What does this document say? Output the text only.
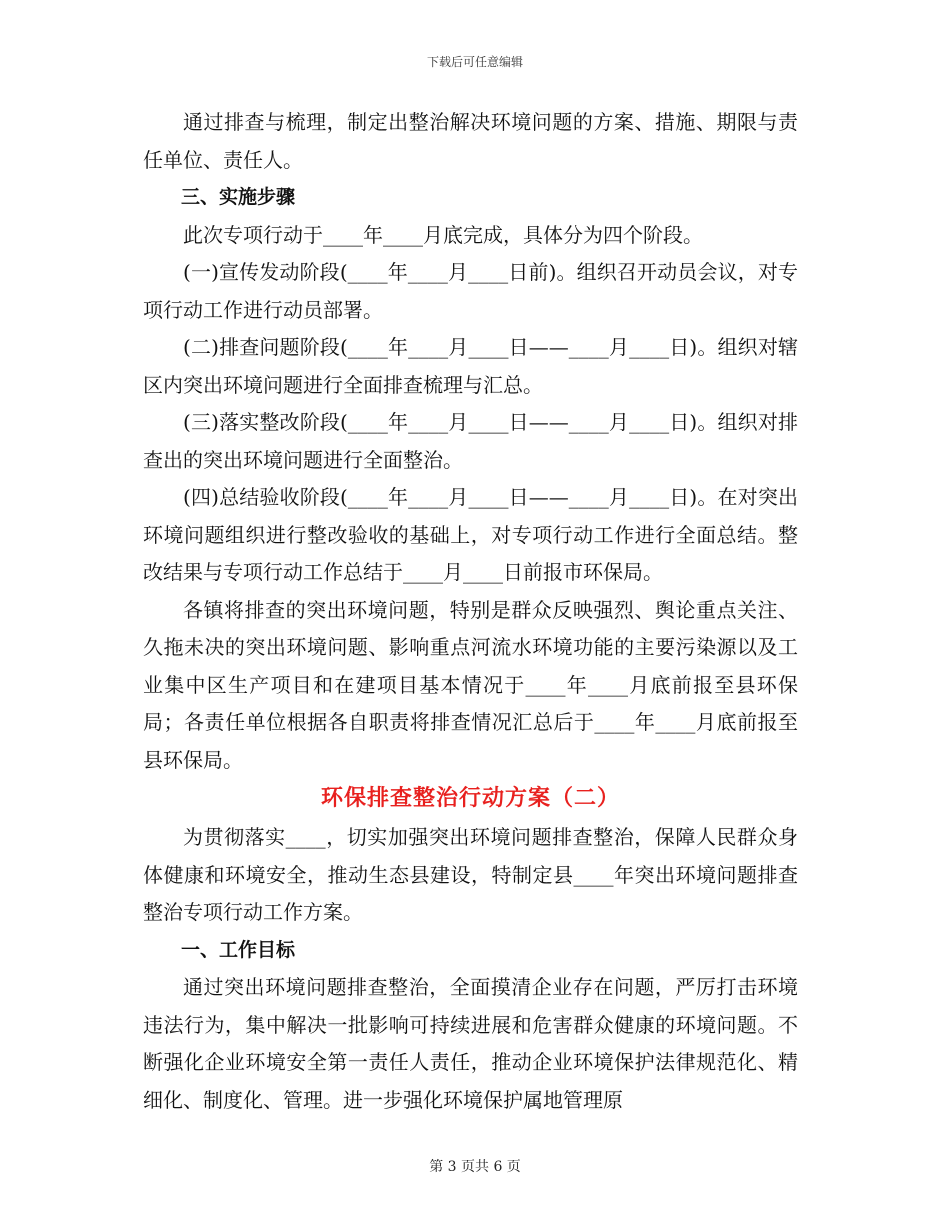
下载后可任意编辑

通过排查与梳理，制定出整治解决环境问题的方案、措施、期限与责任单位、责任人。

三、实施步骤

此次专项行动于____年____月底完成，具体分为四个阶段。

(一)宣传发动阶段(____年____月____日前)。组织召开动员会议，对专项行动工作进行动员部署。

(二)排查问题阶段(____年____月____日——____月____日)。组织对辖区内突出环境问题进行全面排查梳理与汇总。

(三)落实整改阶段(____年____月____日——____月____日)。组织对排查出的突出环境问题进行全面整治。

(四)总结验收阶段(____年____月____日——____月____日)。在对突出环境问题组织进行整改验收的基础上，对专项行动工作进行全面总结。整改结果与专项行动工作总结于____月____日前报市环保局。

各镇将排查的突出环境问题，特别是群众反映强烈、舆论重点关注、久拖未决的突出环境问题、影响重点河流水环境功能的主要污染源以及工业集中区生产项目和在建项目基本情况于____年____月底前报至县环保局；各责任单位根据各自职责将排查情况汇总后于____年____月底前报至县环保局。

环保排查整治行动方案（二）

为贯彻落实____，切实加强突出环境问题排查整治，保障人民群众身体健康和环境安全，推动生态县建设，特制定县____年突出环境问题排查整治专项行动工作方案。

一、工作目标

通过突出环境问题排查整治，全面摸清企业存在问题，严厉打击环境违法行为，集中解决一批影响可持续进展和危害群众健康的环境问题。不断强化企业环境安全第一责任人责任，推动企业环境保护法律规范化、精细化、制度化、管理。进一步强化环境保护属地管理原

第 3 页共 6 页
